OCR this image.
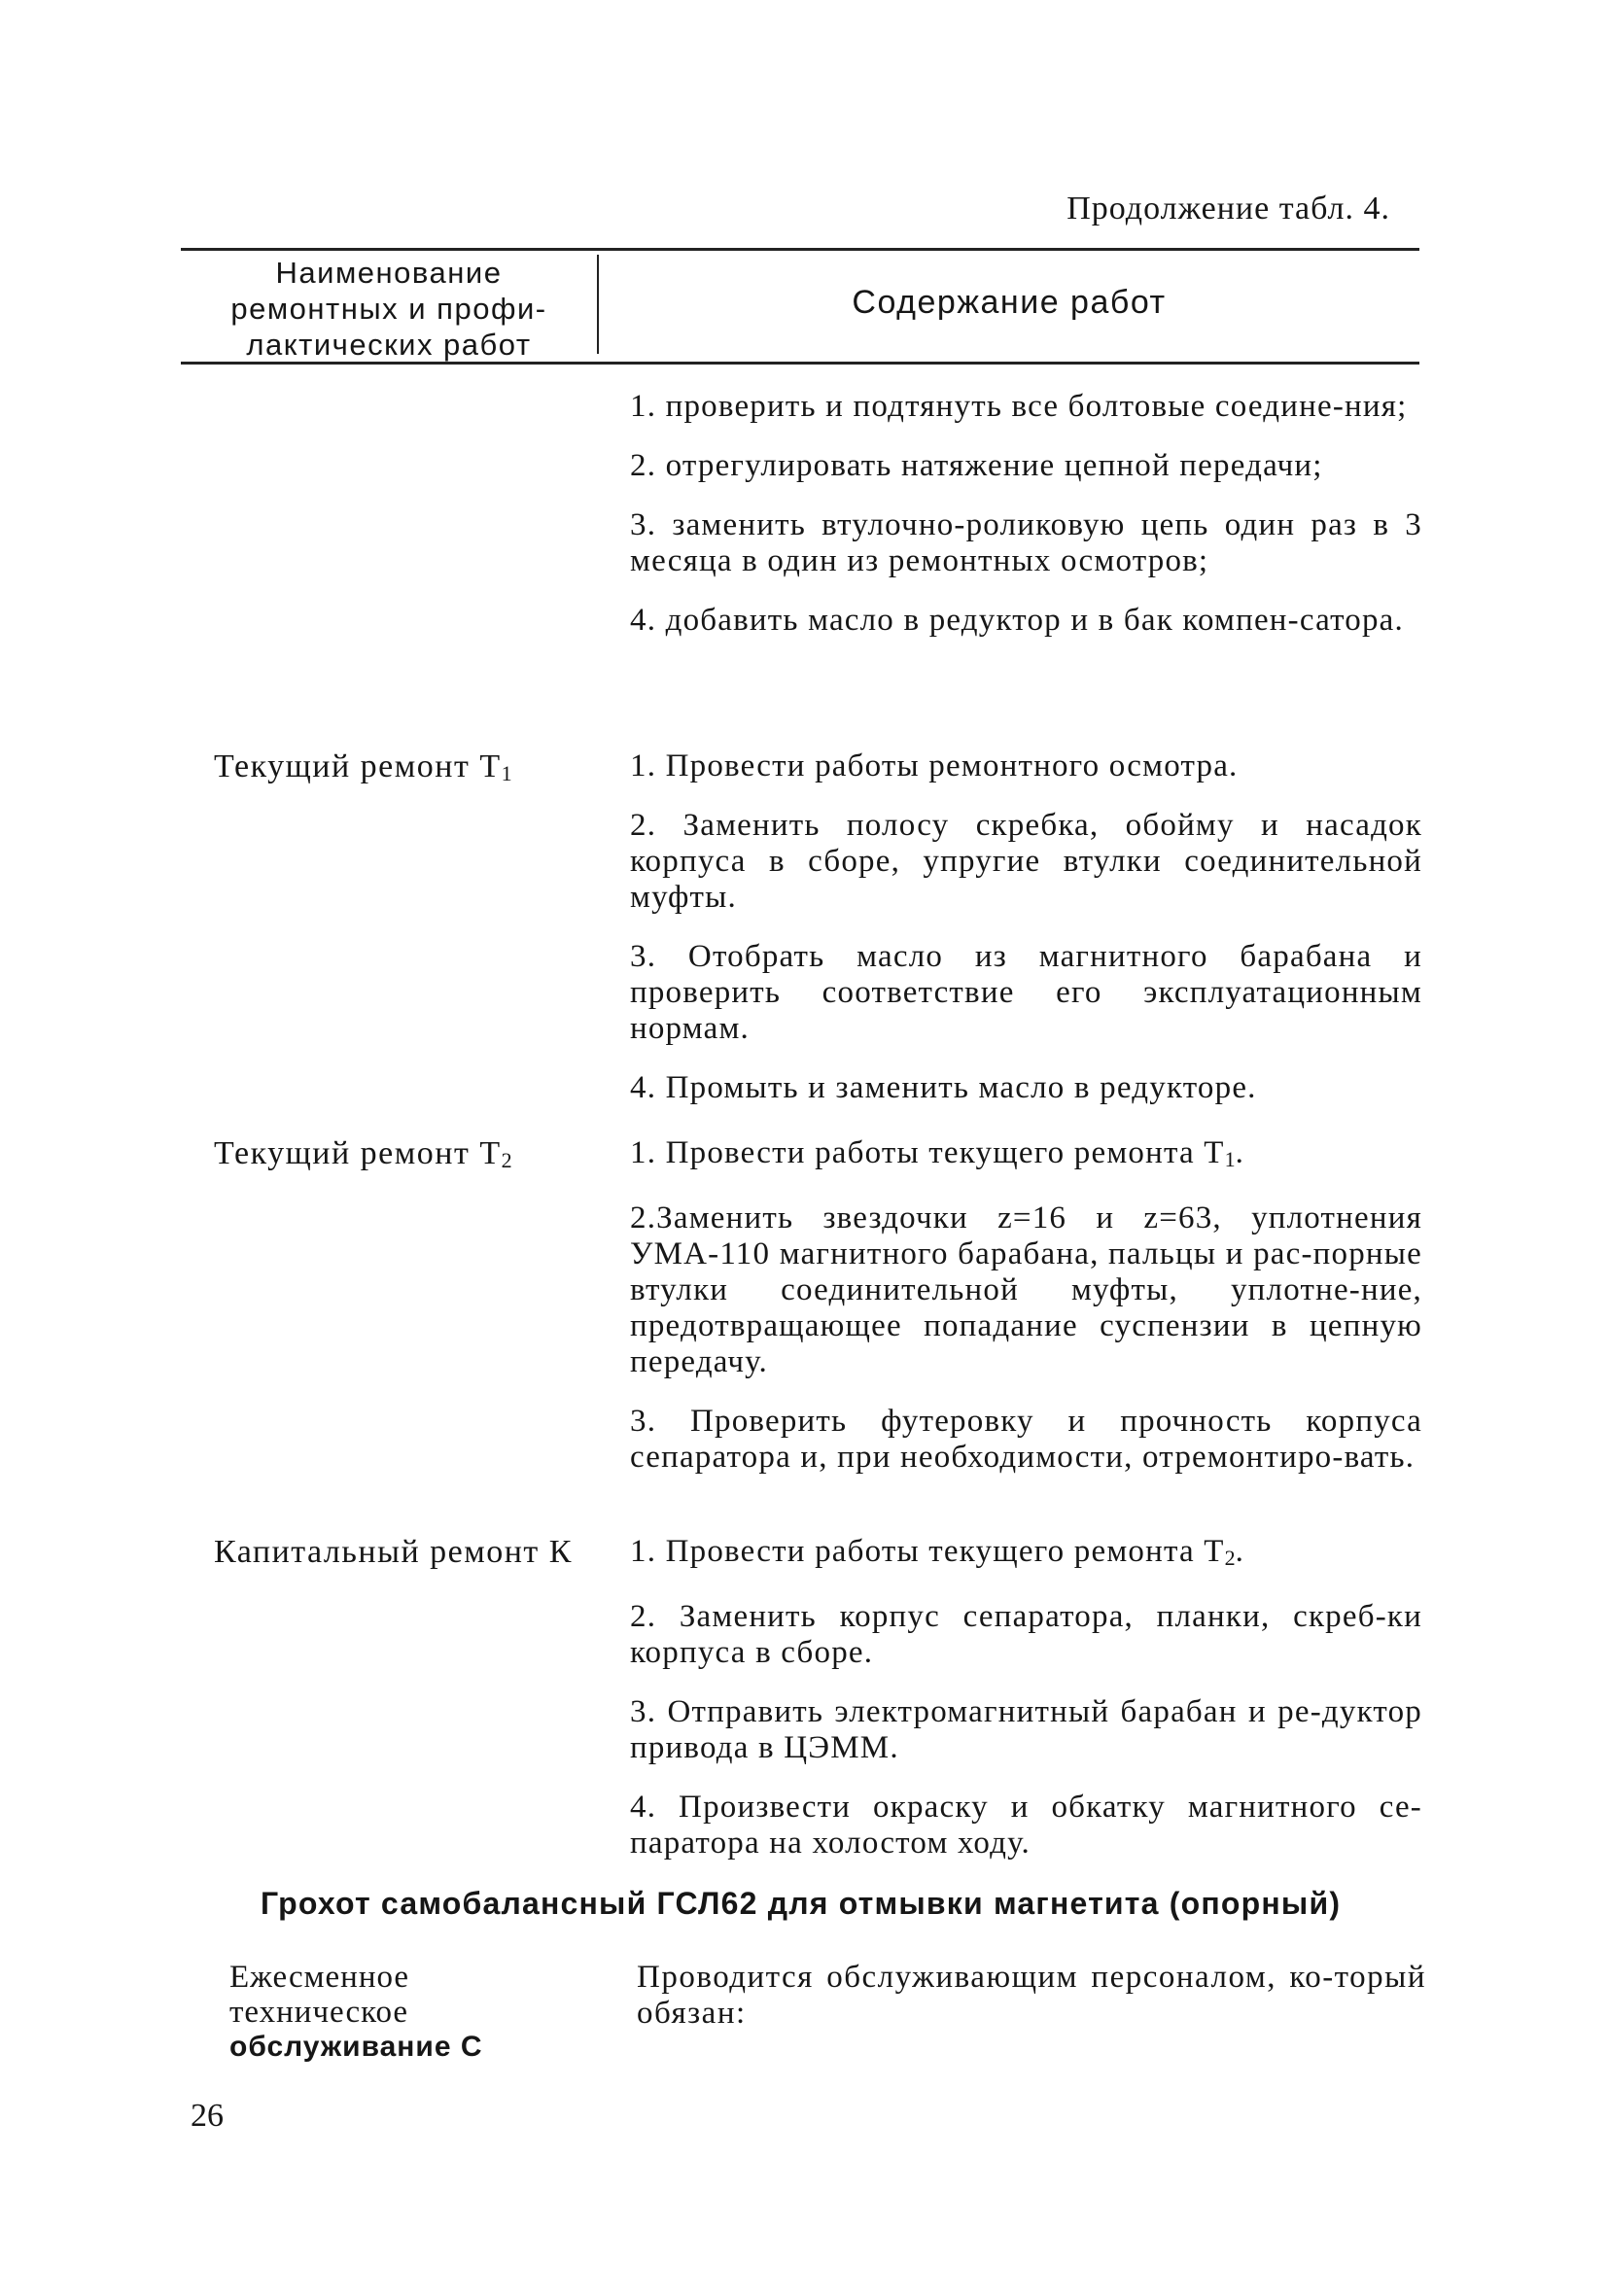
Продолжение табл. 4.
Наименование
ремонтных и профи-
лактических работ
Содержание работ

1. проверить и подтянуть все болтовые соедине-ния;

2. отрегулировать натяжение цепной передачи;

3. заменить втулочно-роликовую цепь один раз в 3 месяца в один из ремонтных осмотров;

4. добавить масло в редуктор и в бак компен-сатора.

Текущий ремонт $Т_1$	1. Провести работы ремонтного осмотра.

2. Заменить полосу скребка, обойму и насадок корпуса в сборе, упругие втулки соединительной муфты.

3. Отобрать масло из магнитного барабана и проверить соответствие его эксплуатационным нормам.

4. Промыть и заменить масло в редукторе.

Текущий ремонт $Т_2$	1. Провести работы текущего ремонта $Т_1$.

2.Заменить звездочки z=16 и z=63, уплотнения УМА-110 магнитного барабана, пальцы и рас-порные втулки соединительной муфты, уплотне-ние, предотвращающее попадание суспензии в цепную передачу.

3. Проверить футеровку и прочность корпуса сепаратора и, при необходимости, отремонтиро-вать.

Капитальный ремонт К 1. Провести работы текущего ремонта $Т_2$.

2. Заменить корпус сепаратора, планки, скреб-ки корпуса в сборе.

3. Отправить электромагнитный барабан и ре-дуктор привода в ЦЭММ.

4. Произвести окраску и обкатку магнитного се-паратора на холостом ходу.

Грохот самобалансный ГСЛ62 для отмывки магнетита (опорный)
Ежесменное
техническое
обслуживание С
Проводится обслуживающим персоналом, ко-торый обязан:
26
